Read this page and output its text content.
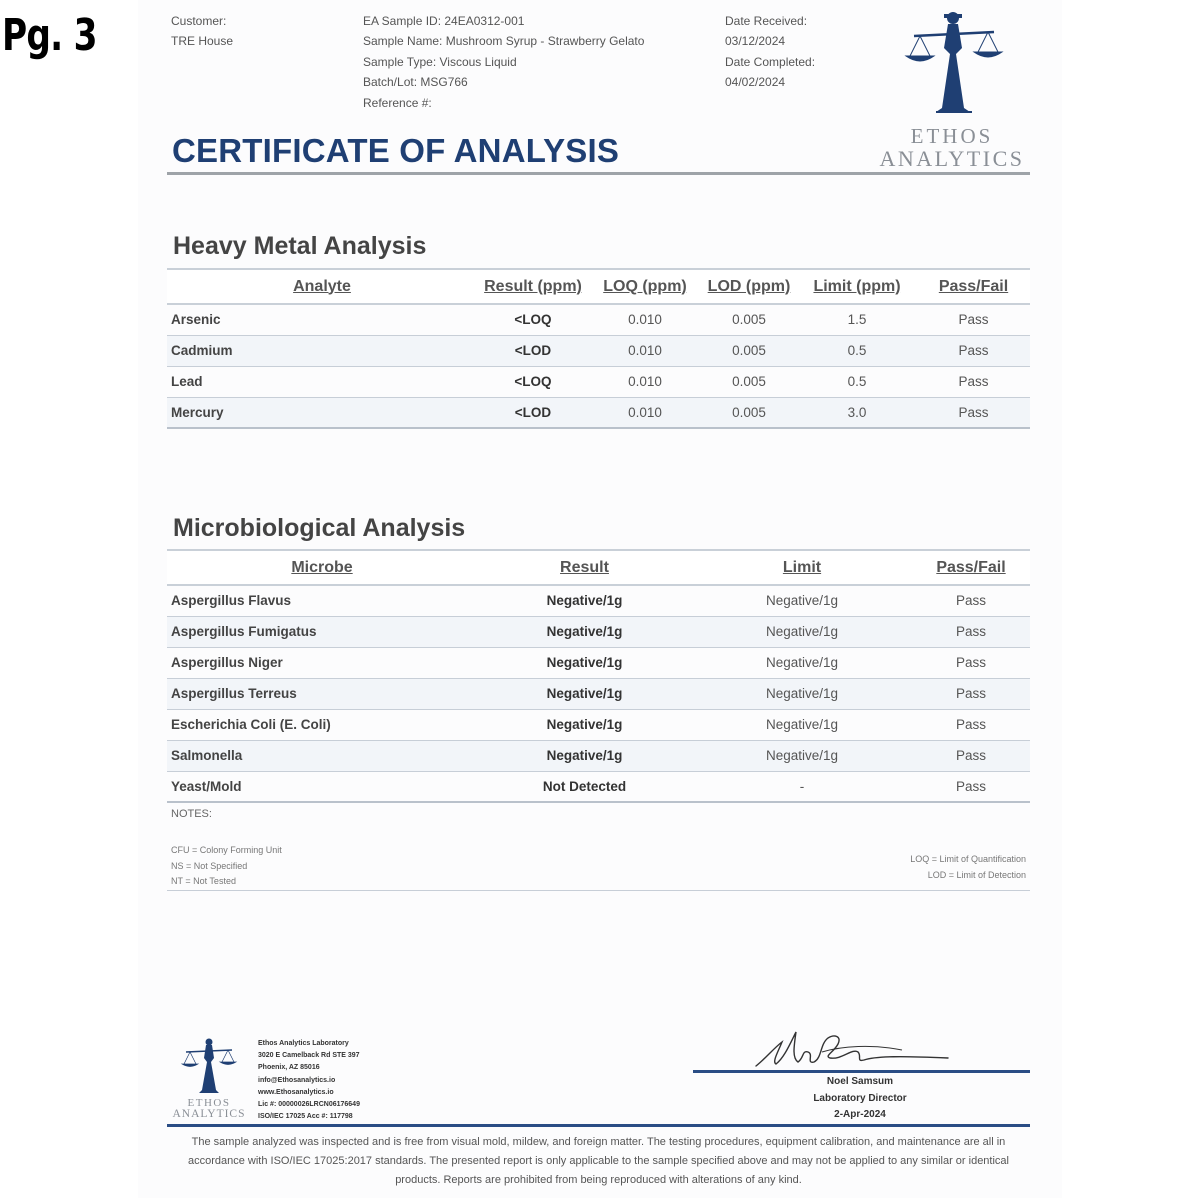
Pg. 3	Customer:
TRE House
EA Sample ID: 24EA0312-001
Sample Name: Mushroom Syrup - Strawberry Gelato
Sample Type: Viscous Liquid
Batch/Lot: MSG766
Reference #:
Date Received:
03/12/2024
Date Completed:
04/02/2024
ETHOS
ANALYTICS
CERTIFICATE OF ANALYSIS
Heavy Metal Analysis
Analyte	Result (ppm)	LOQ (ppm)	LOD (ppm)	Limit (ppm)	Pass/Fail
Arsenic	<LOQ	0.010	0.005	1.5	Pass
Cadmium	<LOD	0.010	0.005	0.5	Pass
Lead	<LOQ	0.010	0.005	0.5	Pass
Mercury	<LOD	0.010	0.005	3.0	Pass
Microbiological Analysis
Microbe	Result	Limit	Pass/Fail
Aspergillus Flavus	Negative/1g	Negative/1g	Pass
Aspergillus Fumigatus	Negative/1g	Negative/1g	Pass
Aspergillus Niger	Negative/1g	Negative/1g	Pass
Aspergillus Terreus	Negative/1g	Negative/1g	Pass
Escherichia Coli (E. Coli)	Negative/1g	Negative/1g	Pass
Salmonella	Negative/1g	Negative/1g	Pass
Yeast/Mold	Not Detected	-	Pass
NOTES:
CFU = Colony Forming Unit
NS = Not Specified
NT = Not Tested
LOQ = Limit of Quantification
LOD = Limit of Detection
ETHOS
ANALYTICS
Ethos Analytics Laboratory
3020 E Camelback Rd STE 397
Phoenix, AZ 85016
info@Ethosanalytics.io
www.Ethosanalytics.io
Lic #: 00000026LRCN06176649
ISO/IEC 17025 Acc #: 117798
Noel Samsum
Laboratory Director
2-Apr-2024
The sample analyzed was inspected and is free from visual mold, mildew, and foreign matter. The testing procedures, equipment calibration, and maintenance are all in accordance with ISO/IEC 17025:2017 standards. The presented report is only applicable to the sample specified above and may not be applied to any similar or identical products. Reports are prohibited from being reproduced with alterations of any kind.
